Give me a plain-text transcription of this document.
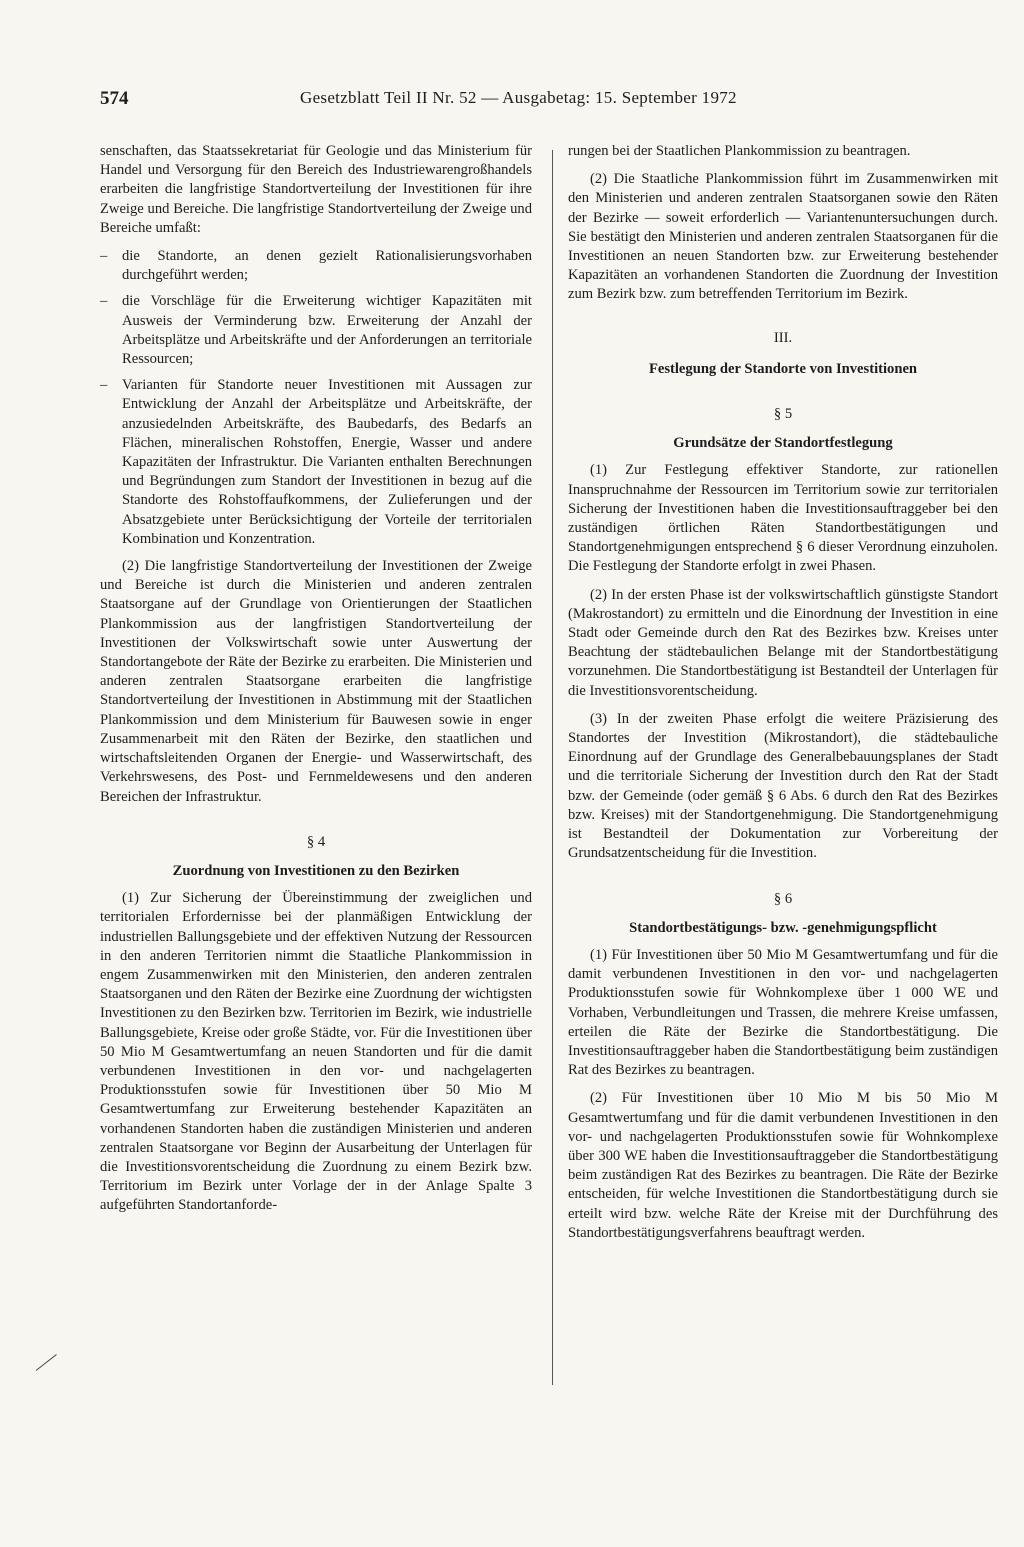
574	Gesetzblatt Teil II Nr. 52 — Ausgabetag: 15. September 1972

senschaften, das Staatssekretariat für Geologie und das Ministerium für Handel und Versorgung für den Bereich des Industriewarengroßhandels erarbeiten die langfristige Standortverteilung der Investitionen für ihre Zweige und Bereiche. Die langfristige Standortverteilung der Zweige und Bereiche umfaßt:

– die Standorte, an denen gezielt Rationalisierungsvorhaben durchgeführt werden;
– die Vorschläge für die Erweiterung wichtiger Kapazitäten mit Ausweis der Verminderung bzw. Erweiterung der Anzahl der Arbeitsplätze und Arbeitskräfte und der Anforderungen an territoriale Ressourcen;
– Varianten für Standorte neuer Investitionen mit Aussagen zur Entwicklung der Anzahl der Arbeitsplätze und Arbeitskräfte, der anzusiedelnden Arbeitskräfte, des Baubedarfs, des Bedarfs an Flächen, mineralischen Rohstoffen, Energie, Wasser und andere Kapazitäten der Infrastruktur. Die Varianten enthalten Berechnungen und Begründungen zum Standort der Investitionen in bezug auf die Standorte des Rohstoffaufkommens, der Zulieferungen und der Absatzgebiete unter Berücksichtigung der Vorteile der territorialen Kombination und Konzentration.

(2) Die langfristige Standortverteilung der Investitionen der Zweige und Bereiche ist durch die Ministerien und anderen zentralen Staatsorgane auf der Grundlage von Orientierungen der Staatlichen Plankommission aus der langfristigen Standortverteilung der Investitionen der Volkswirtschaft sowie unter Auswertung der Standortangebote der Räte der Bezirke zu erarbeiten. Die Ministerien und anderen zentralen Staatsorgane erarbeiten die langfristige Standortverteilung der Investitionen in Abstimmung mit der Staatlichen Plankommission und dem Ministerium für Bauwesen sowie in enger Zusammenarbeit mit den Räten der Bezirke, den staatlichen und wirtschaftsleitenden Organen der Energie- und Wasserwirtschaft, des Verkehrswesens, des Post- und Fernmeldewesens und den anderen Bereichen der Infrastruktur.

§ 4
Zuordnung von Investitionen zu den Bezirken

(1) Zur Sicherung der Übereinstimmung der zweiglichen und territorialen Erfordernisse bei der planmäßigen Entwicklung der industriellen Ballungsgebiete und der effektiven Nutzung der Ressourcen in den anderen Territorien nimmt die Staatliche Plankommission in engem Zusammenwirken mit den Ministerien, den anderen zentralen Staatsorganen und den Räten der Bezirke eine Zuordnung der wichtigsten Investitionen zu den Bezirken bzw. Territorien im Bezirk, wie industrielle Ballungsgebiete, Kreise oder große Städte, vor. Für die Investitionen über 50 Mio M Gesamtwertumfang an neuen Standorten und für die damit verbundenen Investitionen in den vor- und nachgelagerten Produktionsstufen sowie für Investitionen über 50 Mio M Gesamtwertumfang zur Erweiterung bestehender Kapazitäten an vorhandenen Standorten haben die zuständigen Ministerien und anderen zentralen Staatsorgane vor Beginn der Ausarbeitung der Unterlagen für die Investitionsvorentscheidung die Zuordnung zu einem Bezirk bzw. Territorium im Bezirk unter Vorlage der in der Anlage Spalte 3 aufgeführten Standortanforde-

rungen bei der Staatlichen Plankommission zu beantragen.

(2) Die Staatliche Plankommission führt im Zusammenwirken mit den Ministerien und anderen zentralen Staatsorganen sowie den Räten der Bezirke — soweit erforderlich — Variantenuntersuchungen durch. Sie bestätigt den Ministerien und anderen zentralen Staatsorganen für die Investitionen an neuen Standorten bzw. zur Erweiterung bestehender Kapazitäten an vorhandenen Standorten die Zuordnung der Investition zum Bezirk bzw. zum betreffenden Territorium im Bezirk.

III.
Festlegung der Standorte von Investitionen
§ 5
Grundsätze der Standortfestlegung

(1) Zur Festlegung effektiver Standorte, zur rationellen Inanspruchnahme der Ressourcen im Territorium sowie zur territorialen Sicherung der Investitionen haben die Investitionsauftraggeber bei den zuständigen örtlichen Räten Standortbestätigungen und Standortgenehmigungen entsprechend § 6 dieser Verordnung einzuholen. Die Festlegung der Standorte erfolgt in zwei Phasen.

(2) In der ersten Phase ist der volkswirtschaftlich günstigste Standort (Makrostandort) zu ermitteln und die Einordnung der Investition in eine Stadt oder Gemeinde durch den Rat des Bezirkes bzw. Kreises unter Beachtung der städtebaulichen Belange mit der Standortbestätigung vorzunehmen. Die Standortbestätigung ist Bestandteil der Unterlagen für die Investitionsvorentscheidung.

(3) In der zweiten Phase erfolgt die weitere Präzisierung des Standortes der Investition (Mikrostandort), die städtebauliche Einordnung auf der Grundlage des Generalbebauungsplanes der Stadt und die territoriale Sicherung der Investition durch den Rat der Stadt bzw. der Gemeinde (oder gemäß § 6 Abs. 6 durch den Rat des Bezirkes bzw. Kreises) mit der Standortgenehmigung. Die Standortgenehmigung ist Bestandteil der Dokumentation zur Vorbereitung der Grundsatzentscheidung für die Investition.

§ 6
Standortbestätigungs- bzw. -genehmigungspflicht

(1) Für Investitionen über 50 Mio M Gesamtwertumfang und für die damit verbundenen Investitionen in den vor- und nachgelagerten Produktionsstufen sowie für Wohnkomplexe über 1 000 WE und Vorhaben, Verbundleitungen und Trassen, die mehrere Kreise umfassen, erteilen die Räte der Bezirke die Standortbestätigung. Die Investitionsauftraggeber haben die Standortbestätigung beim zuständigen Rat des Bezirkes zu beantragen.

(2) Für Investitionen über 10 Mio M bis 50 Mio M Gesamtwertumfang und für die damit verbundenen Investitionen in den vor- und nachgelagerten Produktionsstufen sowie für Wohnkomplexe über 300 WE haben die Investitionsauftraggeber die Standortbestätigung beim zuständigen Rat des Bezirkes zu beantragen. Die Räte der Bezirke entscheiden, für welche Investitionen die Standortbestätigung durch sie erteilt wird bzw. welche Räte der Kreise mit der Durchführung des Standortbestätigungsverfahrens beauftragt werden.
